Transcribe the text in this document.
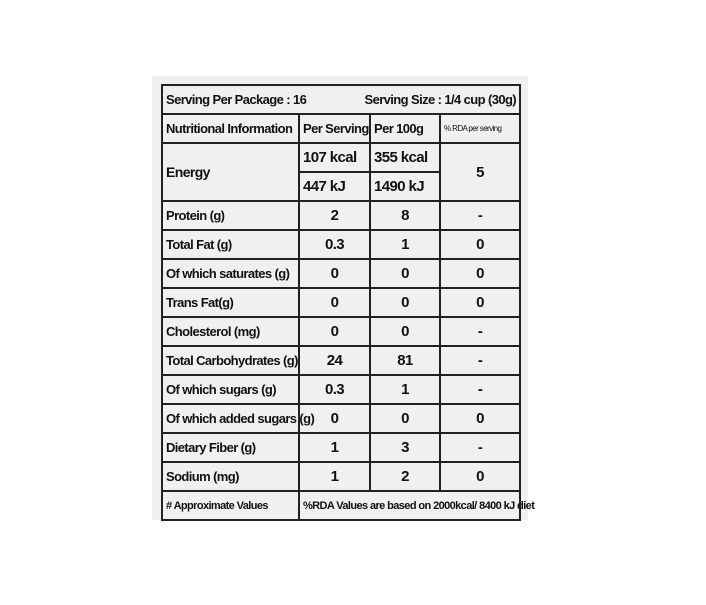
Serving Per Package : 16 Serving Size : 1/4 cup (30g)			

Nutritional Information	Per Serving	Per 100g	% RDA per serving
Energy	107 kcal	355 kcal	5
	447 kJ	1490 kJ	
Protein (g)	2	8	-
Total Fat (g)	0.3	1	0
Of which saturates (g)	0	0	0
Trans Fat(g)	0	0	0
Cholesterol (mg)	0	0	-
Total Carbohydrates (g)	24	81	-
Of which sugars (g)	0.3	1	-
Of which added sugars (g)	0	0	0
Dietary Fiber (g)	1	3	-
Sodium (mg)	1	2	0
# Approximate Values	%RDA Values are based on 2000kcal/ 8400 kJ diet		
